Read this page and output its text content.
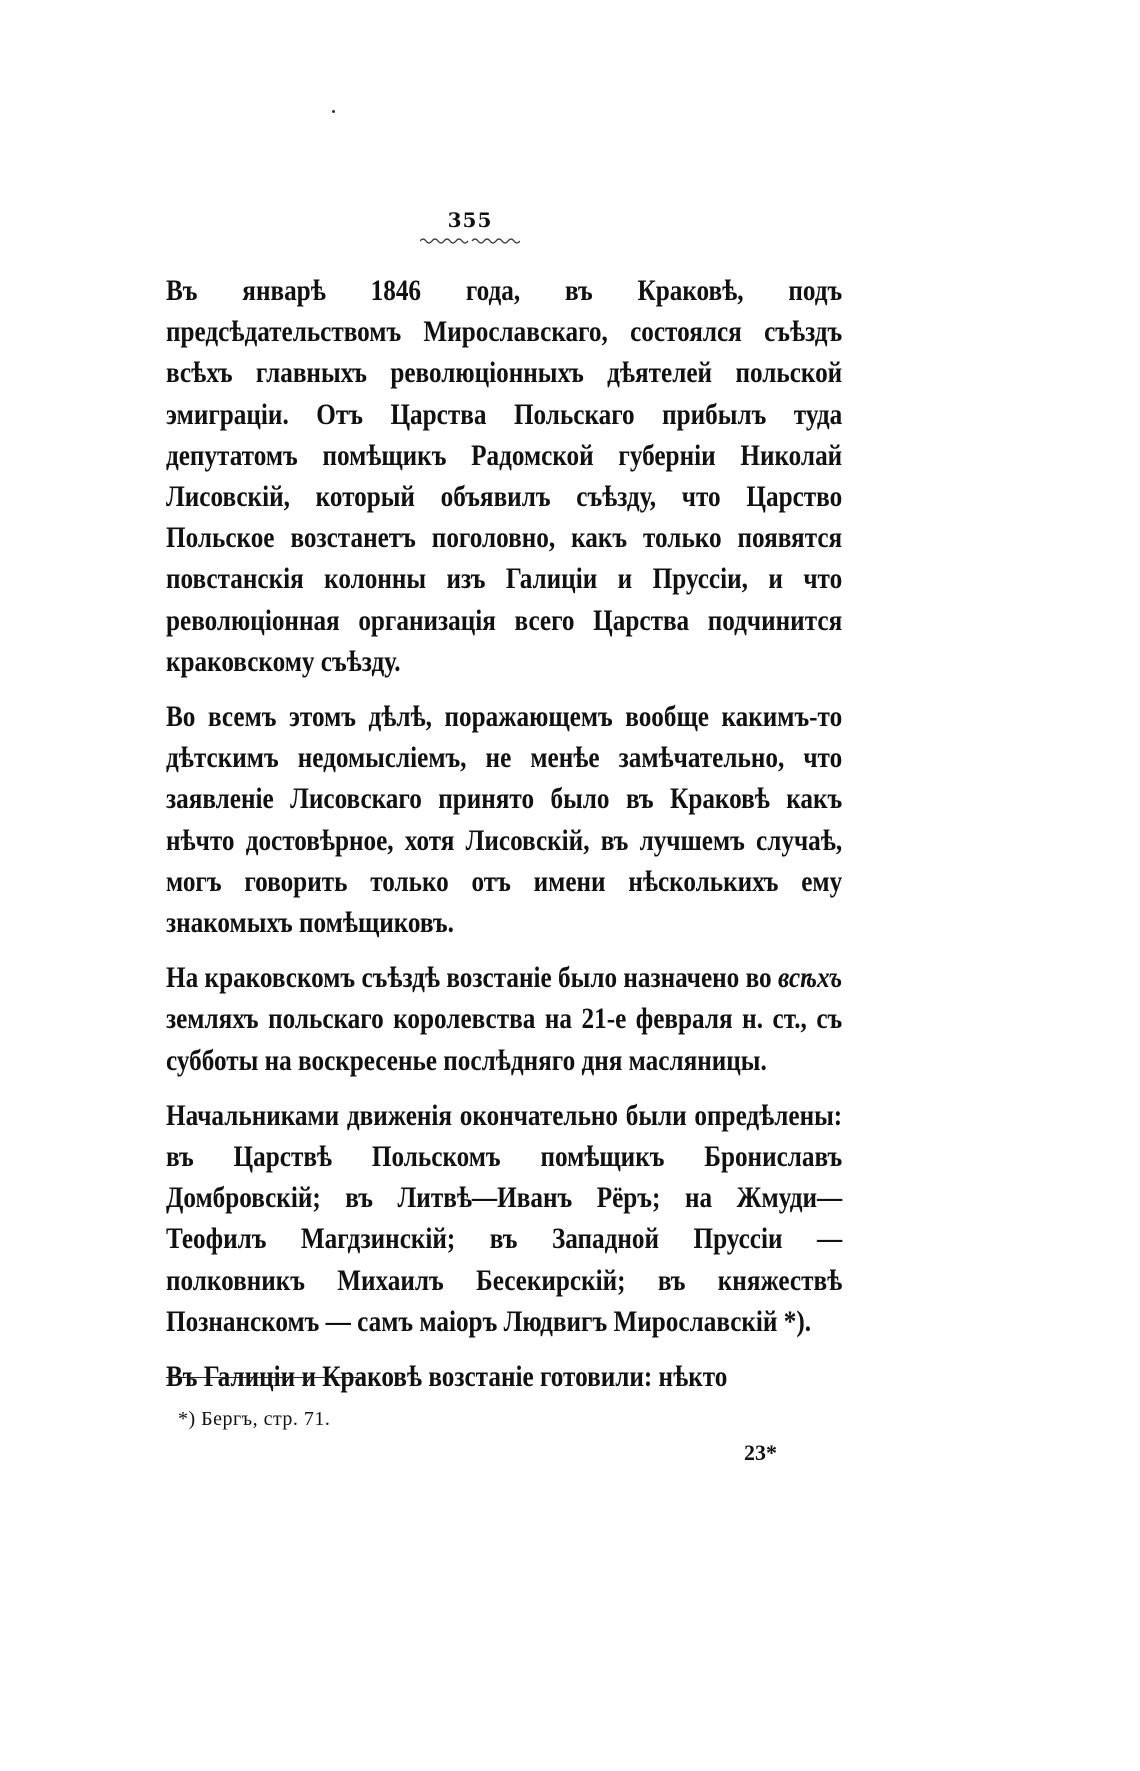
355

Въ январѣ 1846 года, въ Краковѣ, подъ предсѣдательствомъ Мирославскаго, состоялся съѣздъ всѣхъ главныхъ революціонныхъ дѣятелей польской эмиграціи. Отъ Царства Польскаго прибылъ туда депутатомъ помѣщикъ Радомской губерніи Николай Лисовскій, который объявилъ съѣзду, что Царство Польское возстанетъ поголовно, какъ только появятся повстанскія колонны изъ Галиціи и Пруссіи, и что революціонная организація всего Царства подчинится краковскому съѣзду.

Во всемъ этомъ дѣлѣ, поражающемъ вообще какимъ-то дѣтскимъ недомысліемъ, не менѣе замѣчательно, что заявленіе Лисовскаго принято было въ Краковѣ какъ нѣчто достовѣрное, хотя Лисовскій, въ лучшемъ случаѣ, могъ говорить только отъ имени нѣсколькихъ ему знакомыхъ помѣщиковъ.

На краковскомъ съѣздѣ возстаніе было назначено во всѣхъ земляхъ польскаго королевства на 21-е февраля н. ст., съ субботы на воскресенье послѣдняго дня масляницы.

Начальниками движенія окончательно были опредѣлены: въ Царствѣ Польскомъ помѣщикъ Брониславъ Домбровскій; въ Литвѣ—Иванъ Рёръ; на Жмуди—Теофилъ Магдзинскій; въ Западной Пруссіи — полковникъ Михаилъ Бесекирскій; въ княжествѣ Познанскомъ — самъ маіоръ Людвигъ Мирославскій *).

Въ Галиціи и Краковѣ возстаніе готовили: нѣкто

*) Бергъ, стр. 71.
23*
